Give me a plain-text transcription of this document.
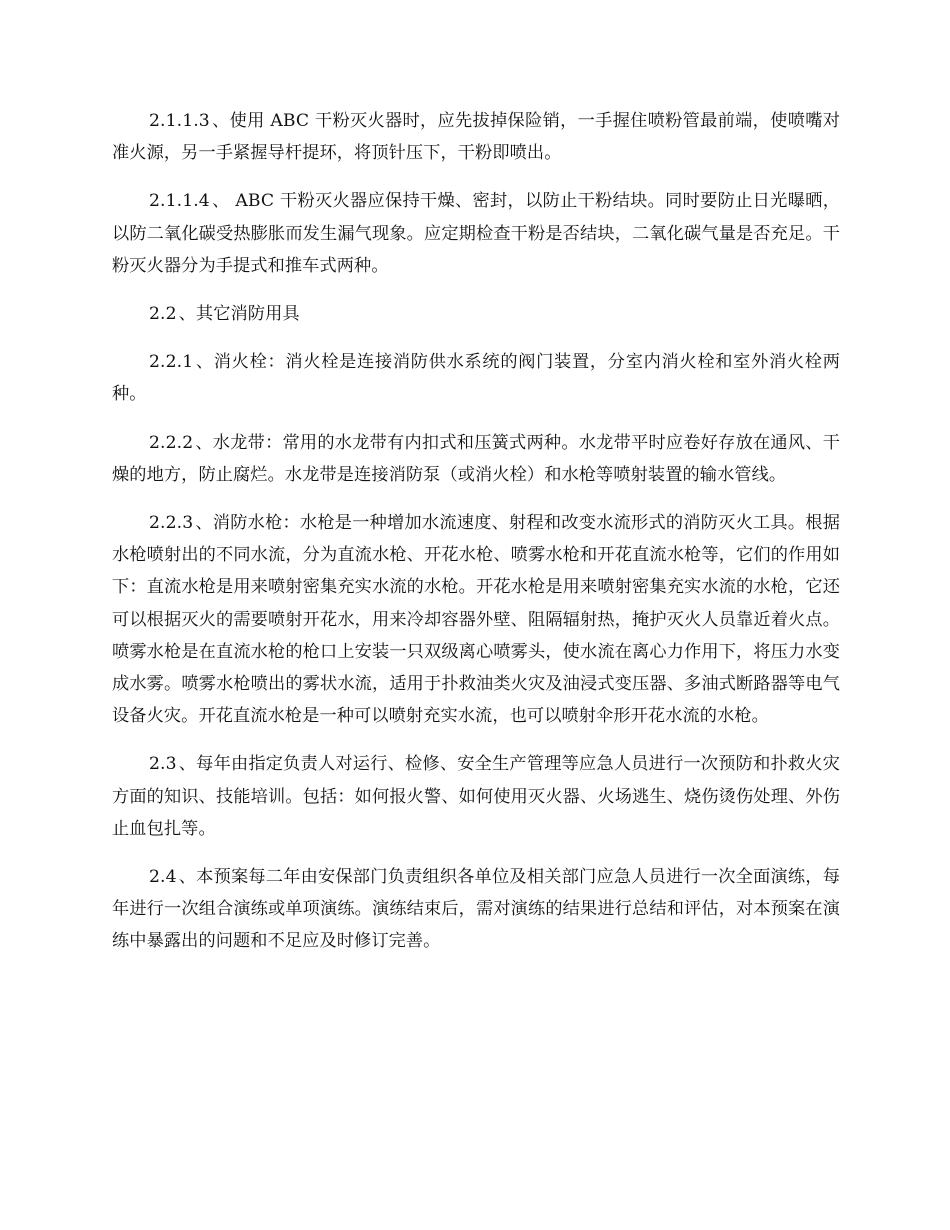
2.1.1.3 、使用 ABC 干粉灭火器时，应先拔掉保险销，一手握住喷粉管最前端，使喷嘴对准火源，另一手紧握导杆提环，将顶针压下，干粉即喷出。

2.1.1.4 、 ABC 干粉灭火器应保持干燥、密封，以防止干粉结块。同时要防止日光曝晒，以防二氧化碳受热膨胀而发生漏气现象。应定期检查干粉是否结块，二氧化碳气量是否充足。干粉灭火器分为手提式和推车式两种。

2.2 、其它消防用具

2.2.1 、消火栓：消火栓是连接消防供水系统的阀门装置，分室内消火栓和室外消火栓两种。

2.2.2 、水龙带：常用的水龙带有内扣式和压簧式两种。水龙带平时应卷好存放在通风、干燥的地方，防止腐烂。水龙带是连接消防泵（或消火栓）和水枪等喷射装置的输水管线。

2.2.3 、消防水枪：水枪是一种增加水流速度、射程和改变水流形式的消防灭火工具。根据水枪喷射出的不同水流，分为直流水枪、开花水枪、喷雾水枪和开花直流水枪等，它们的作用如下：直流水枪是用来喷射密集充实水流的水枪。开花水枪是用来喷射密集充实水流的水枪，它还可以根据灭火的需要喷射开花水，用来冷却容器外壁、阻隔辐射热，掩护灭火人员靠近着火点。喷雾水枪是在直流水枪的枪口上安装一只双级离心喷雾头，使水流在离心力作用下，将压力水变成水雾。喷雾水枪喷出的雾状水流，适用于扑救油类火灾及油浸式变压器、多油式断路器等电气设备火灾。开花直流水枪是一种可以喷射充实水流，也可以喷射伞形开花水流的水枪。

2.3 、每年由指定负责人对运行、检修、安全生产管理等应急人员进行一次预防和扑救火灾方面的知识、技能培训。包括：如何报火警、如何使用灭火器、火场逃生、烧伤烫伤处理、外伤止血包扎等。

2.4 、本预案每二年由安保部门负责组织各单位及相关部门应急人员进行一次全面演练，每年进行一次组合演练或单项演练。演练结束后，需对演练的结果进行总结和评估，对本预案在演练中暴露出的问题和不足应及时修订完善。
